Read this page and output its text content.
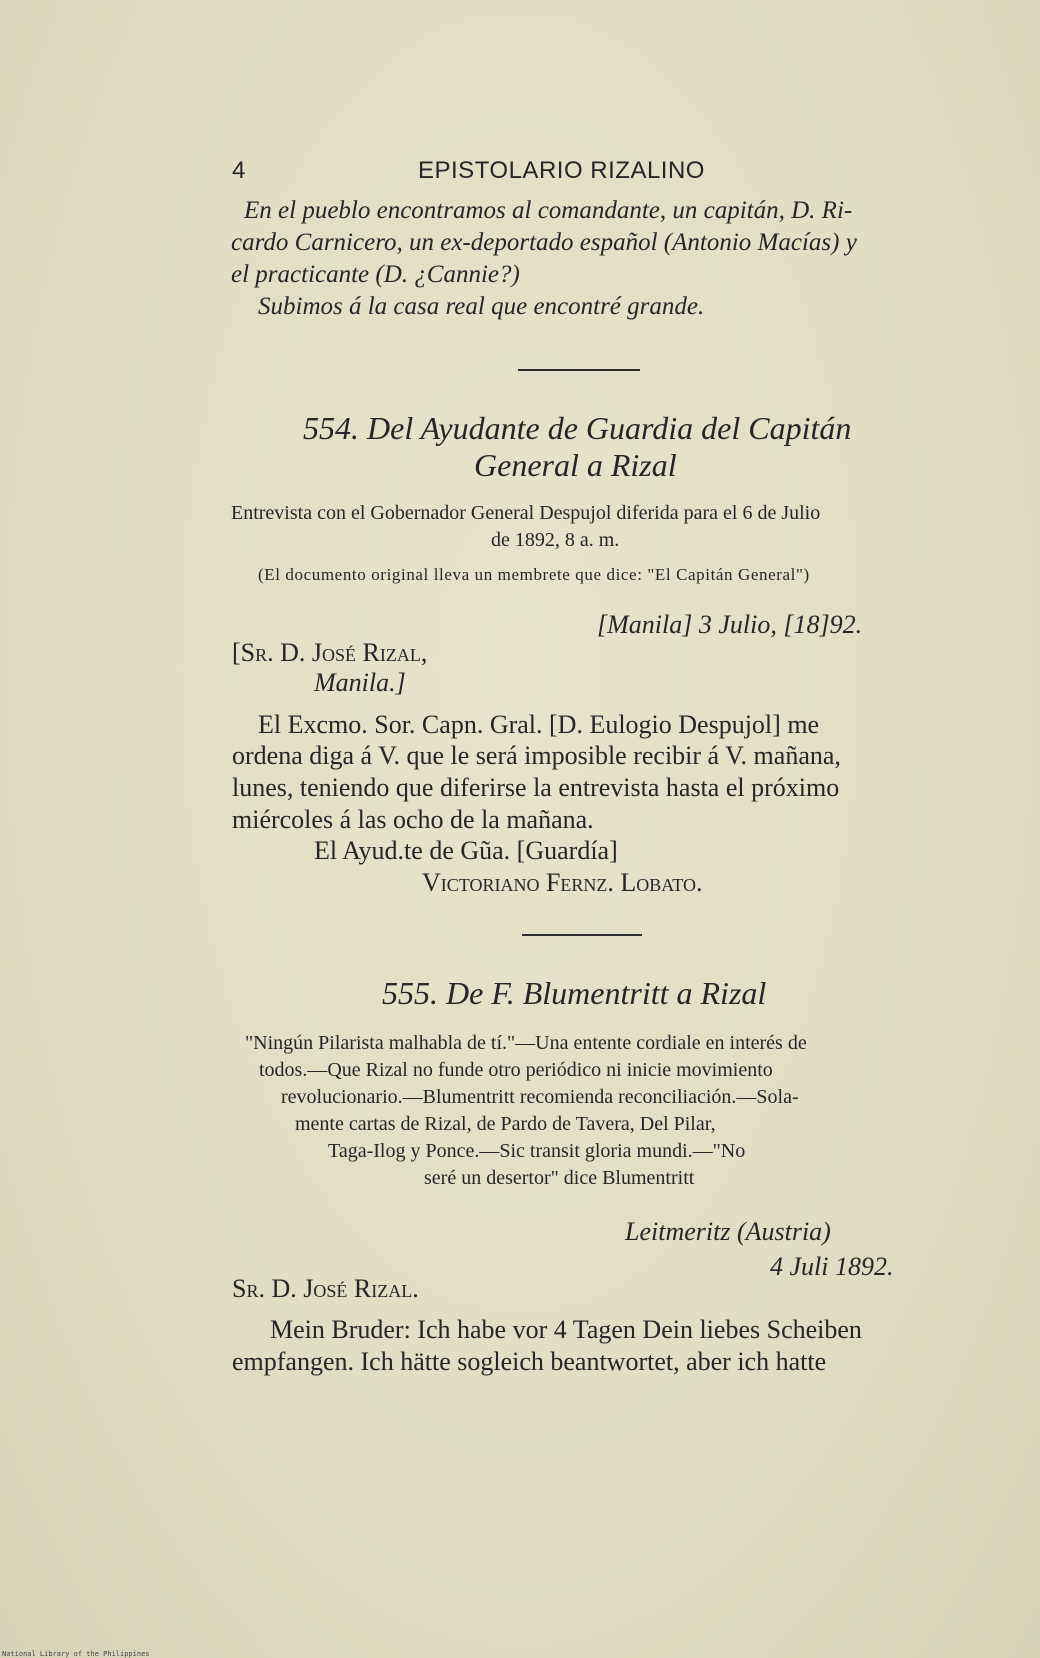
4	EPISTOLARIO RIZALINO
En el pueblo encontramos al comandante, un capitán, D. Ri-
cardo Carnicero, un ex-deportado español (Antonio Macías) y
el practicante (D. ¿Cannie?)
Subimos á la casa real que encontré grande.
554. Del Ayudante de Guardia del Capitán
General a Rizal
Entrevista con el Gobernador General Despujol diferida para el 6 de Julio
de 1892, 8 a. m.
(El documento original lleva un membrete que dice: "El Capitán General")
[Manila] 3 Julio, [18]92.
[Sr. D. José Rizal,
Manila.]
El Excmo. Sor. Capn. Gral. [D. Eulogio Despujol] me
ordena diga á V. que le será imposible recibir á V. mañana,
lunes, teniendo que diferirse la entrevista hasta el próximo
miércoles á las ocho de la mañana.
El Ayud.te de Gũa. [Guardía]
Victoriano Fernz. Lobato.
555. De F. Blumentritt a Rizal
"Ningún Pilarista malhabla de tí."—Una entente cordiale en interés de
todos.—Que Rizal no funde otro periódico ni inicie movimiento
revolucionario.—Blumentritt recomienda reconciliación.—Sola-
mente cartas de Rizal, de Pardo de Tavera, Del Pilar,
Taga-Ilog y Ponce.—Sic transit gloria mundi.—"No
seré un desertor" dice Blumentritt
Leitmeritz (Austria)
4 Juli 1892.
Sr. D. José Rizal.
Mein Bruder: Ich habe vor 4 Tagen Dein liebes Scheiben
empfangen. Ich hätte sogleich beantwortet, aber ich hatte
National Library of the Philippines
